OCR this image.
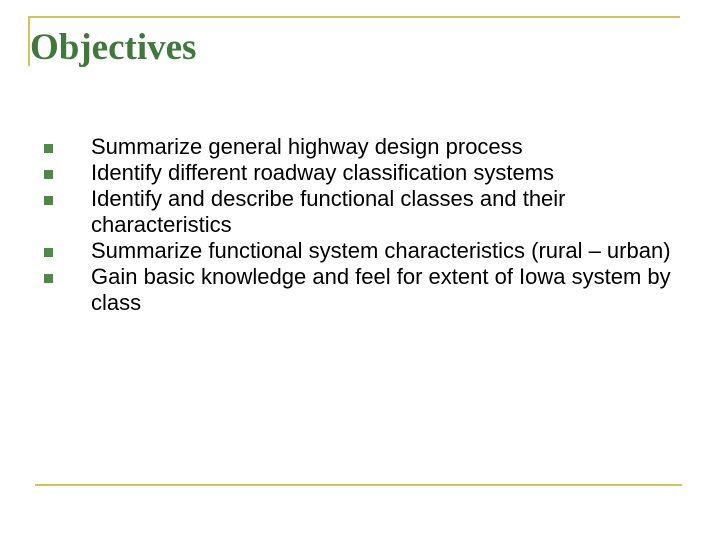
Objectives
Summarize general highway design process
Identify different roadway classification systems
Identify and describe functional classes and their characteristics
Summarize functional system characteristics (rural – urban)
Gain basic knowledge and feel for extent of Iowa system by class
